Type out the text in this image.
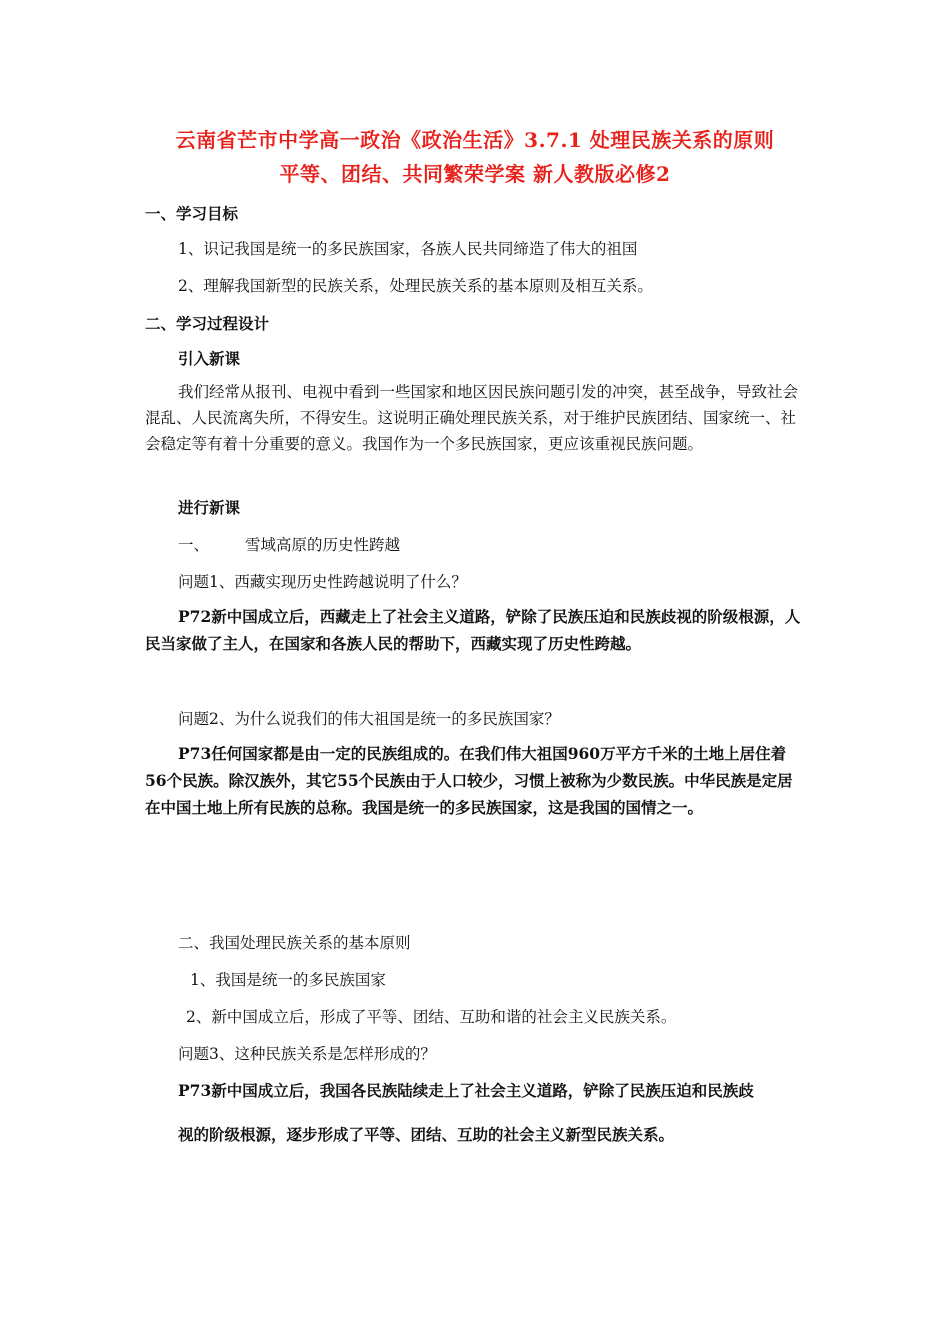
云南省芒市中学高一政治《政治生活》3.7.1 处理民族关系的原则
平等、团结、共同繁荣学案 新人教版必修2
一、学习目标
1、识记我国是统一的多民族国家，各族人民共同缔造了伟大的祖国
2、理解我国新型的民族关系，处理民族关系的基本原则及相互关系。
二、学习过程设计
引入新课
我们经常从报刊、电视中看到一些国家和地区因民族问题引发的冲突，甚至战争，导致社会混乱、人民流离失所，不得安生。这说明正确处理民族关系，对于维护民族团结、国家统一、社会稳定等有着十分重要的意义。我国作为一个多民族国家，更应该重视民族问题。
进行新课
一、 雪域高原的历史性跨越
问题1、西藏实现历史性跨越说明了什么？
P72新中国成立后，西藏走上了社会主义道路，铲除了民族压迫和民族歧视的阶级根源，人民当家做了主人，在国家和各族人民的帮助下，西藏实现了历史性跨越。
问题2、为什么说我们的伟大祖国是统一的多民族国家？
P73任何国家都是由一定的民族组成的。在我们伟大祖国960万平方千米的土地上居住着56个民族。除汉族外，其它55个民族由于人口较少，习惯上被称为少数民族。中华民族是定居在中国土地上所有民族的总称。我国是统一的多民族国家，这是我国的国情之一。
二、我国处理民族关系的基本原则
1、我国是统一的多民族国家
2、新中国成立后，形成了平等、团结、互助和谐的社会主义民族关系。
问题3、这种民族关系是怎样形成的？
P73新中国成立后，我国各民族陆续走上了社会主义道路，铲除了民族压迫和民族歧
视的阶级根源，逐步形成了平等、团结、互助的社会主义新型民族关系。
